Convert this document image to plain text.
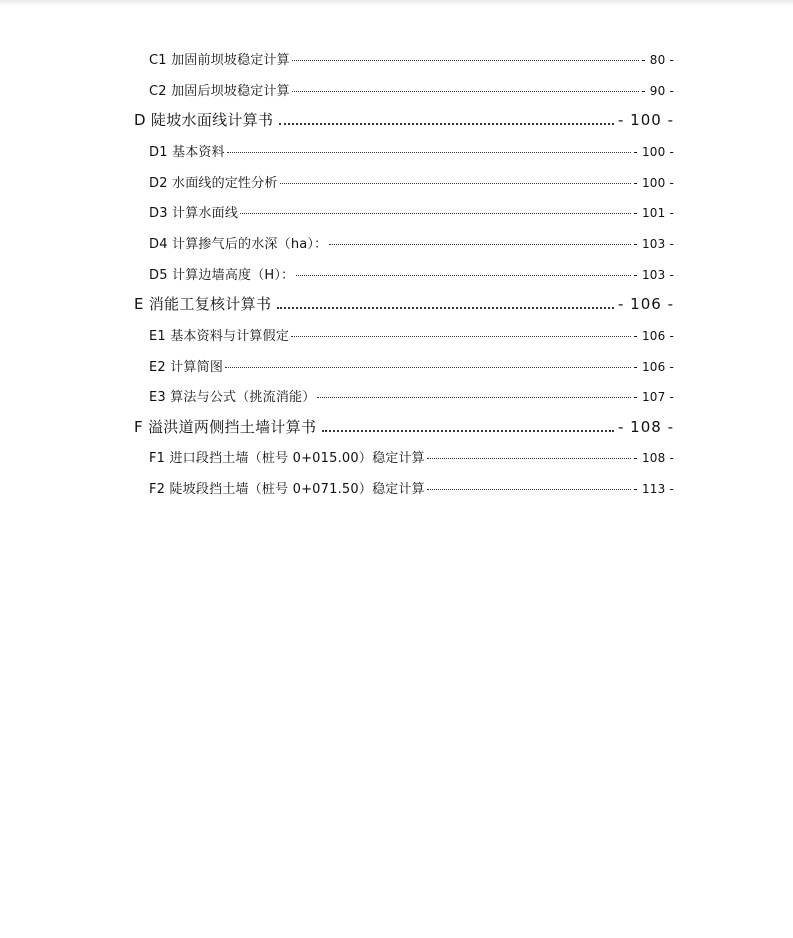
C1 加固前坝坡稳定计算	- 80 -
C2 加固后坝坡稳定计算	- 90 -
D 陡坡水面线计算书	- 100 -
D1 基本资料	- 100 -
D2 水面线的定性分析	- 100 -
D3 计算水面线	- 101 -
D4 计算掺气后的水深（ha）：	- 103 -
D5 计算边墙高度（H）：	- 103 -
E 消能工复核计算书	- 106 -
E1 基本资料与计算假定	- 106 -
E2 计算简图	- 106 -
E3 算法与公式（挑流消能）	- 107 -
F 溢洪道两侧挡土墙计算书	- 108 -
F1 进口段挡土墙（桩号 0+015.00）稳定计算	- 108 -
F2 陡坡段挡土墙（桩号 0+071.50）稳定计算	- 113 -
